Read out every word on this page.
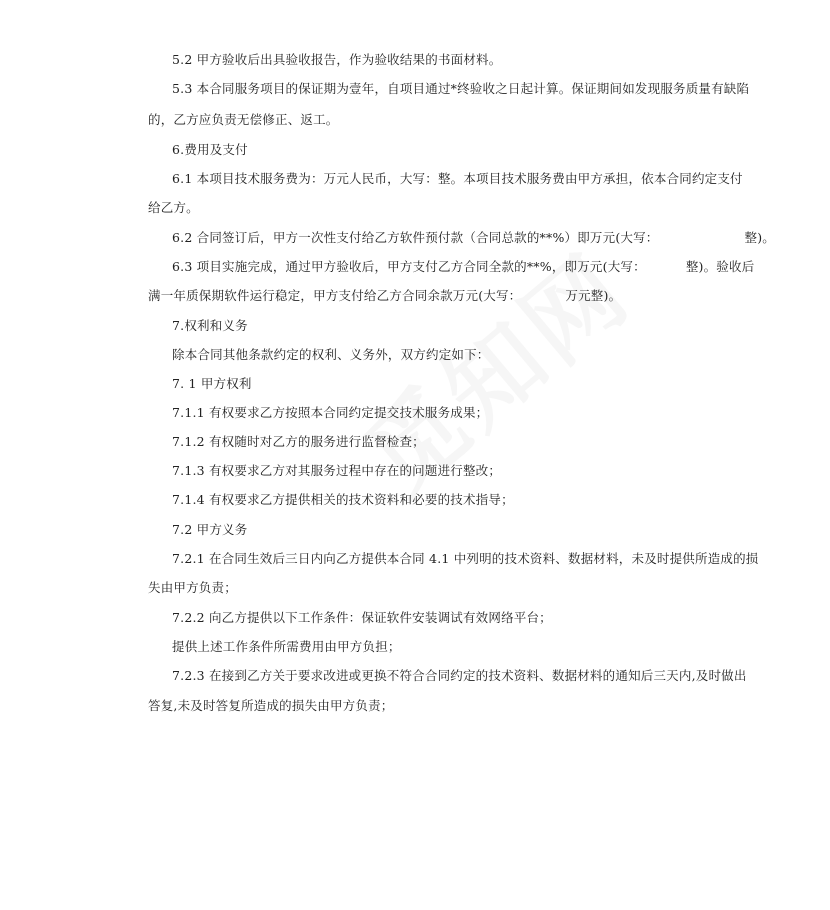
5.2 甲方验收后出具验收报告，作为验收结果的书面材料。
5.3 本合同服务项目的保证期为壹年，自项目通过*终验收之日起计算。保证期间如发现服务质量有缺陷
的，乙方应负责无偿修正、返工。
6.费用及支付
6.1 本项目技术服务费为：万元人民币，大写：整。本项目技术服务费由甲方承担，依本合同约定支付
给乙方。
6.2 合同签订后，甲方一次性支付给乙方软件预付款（合同总款的**%）即万元(大写：	整)。
6.3 项目实施完成，通过甲方验收后，甲方支付乙方合同全款的**%，即万元(大写：	整)。验收后
满一年质保期软件运行稳定，甲方支付给乙方合同余款万元(大写：	万元整)。
7.权利和义务
除本合同其他条款约定的权利、义务外，双方约定如下：
7. 1 甲方权利
7.1.1 有权要求乙方按照本合同约定提交技术服务成果；
7.1.2 有权随时对乙方的服务进行监督检查；
7.1.3 有权要求乙方对其服务过程中存在的问题进行整改；
7.1.4 有权要求乙方提供相关的技术资料和必要的技术指导；
7.2 甲方义务
7.2.1 在合同生效后三日内向乙方提供本合同 4.1 中列明的技术资料、数据材料，未及时提供所造成的损
失由甲方负责；
7.2.2 向乙方提供以下工作条件：保证软件安装调试有效网络平台；
提供上述工作条件所需费用由甲方负担；
7.2.3 在接到乙方关于要求改进或更换不符合合同约定的技术资料、数据材料的通知后三天内,及时做出
答复,未及时答复所造成的损失由甲方负责；
